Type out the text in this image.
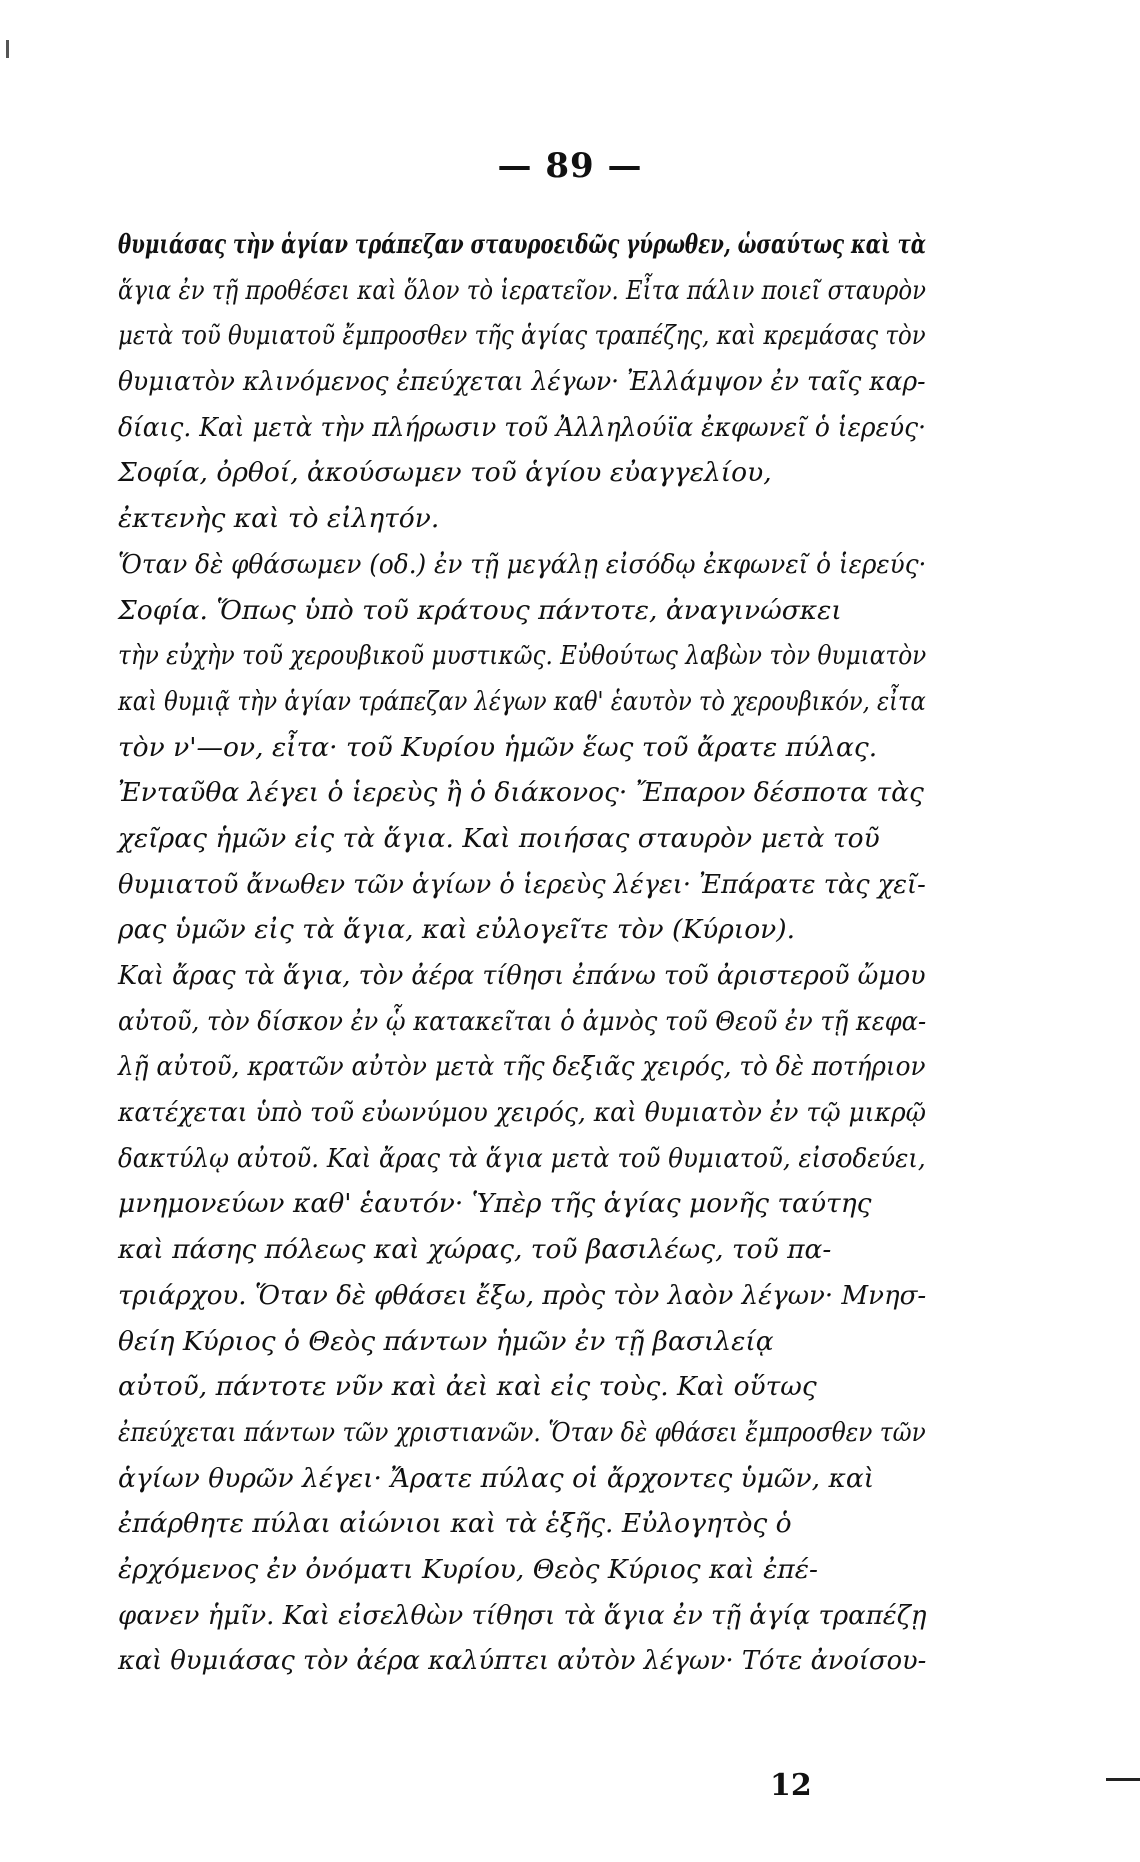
— 89 —
θυμιάσας τὴν ἁγίαν τράπεζαν σταυροειδῶς γύρωθεν, ὡσαύτως καὶ τὰ
ἅγια ἐν τῇ προθέσει καὶ ὅλον τὸ ἱερατεῖον. Εἶτα πάλιν ποιεῖ σταυρὸν
μετὰ τοῦ θυμιατοῦ ἔμπροσθεν τῆς ἁγίας τραπέζης, καὶ κρεμάσας τὸν
θυμιατὸν κλινόμενος ἐπεύχεται λέγων· Ἐλλάμψον ἐν ταῖς καρ-
δίαις. Καὶ μετὰ τὴν πλήρωσιν τοῦ Ἀλληλούϊα ἐκφωνεῖ ὁ ἱερεύς·
Σοφία, ὀρθοί, ἀκούσωμεν τοῦ ἁγίου εὐαγγελίου,
ἐκτενὴς καὶ τὸ εἰλητόν.
Ὅταν δὲ φθάσωμεν (οδ.) ἐν τῇ μεγάλῃ εἰσόδῳ ἐκφωνεῖ ὁ ἱερεύς·
Σοφία. Ὅπως ὑπὸ τοῦ κράτους πάντοτε, ἀναγινώσκει
τὴν εὐχὴν τοῦ χερουβικοῦ μυστικῶς. Εὐθούτως λαβὼν τὸν θυμιατὸν
καὶ θυμιᾷ τὴν ἁγίαν τράπεζαν λέγων καθ' ἑαυτὸν τὸ χερουβικόν, εἶτα
τὸν ν'—ον, εἶτα· τοῦ Κυρίου ἡμῶν ἕως τοῦ ἄρατε πύλας.
Ἐνταῦθα λέγει ὁ ἱερεὺς ἢ ὁ διάκονος· Ἔπαρον δέσποτα τὰς
χεῖρας ἡμῶν εἰς τὰ ἅγια. Καὶ ποιήσας σταυρὸν μετὰ τοῦ
θυμιατοῦ ἄνωθεν τῶν ἁγίων ὁ ἱερεὺς λέγει· Ἐπάρατε τὰς χεῖ-
ρας ὑμῶν εἰς τὰ ἅγια, καὶ εὐλογεῖτε τὸν (Κύριον).
Καὶ ἄρας τὰ ἅγια, τὸν ἀέρα τίθησι ἐπάνω τοῦ ἀριστεροῦ ὤμου
αὐτοῦ, τὸν δίσκον ἐν ᾧ κατακεῖται ὁ ἀμνὸς τοῦ Θεοῦ ἐν τῇ κεφα-
λῇ αὐτοῦ, κρατῶν αὐτὸν μετὰ τῆς δεξιᾶς χειρός, τὸ δὲ ποτήριον
κατέχεται ὑπὸ τοῦ εὐωνύμου χειρός, καὶ θυμιατὸν ἐν τῷ μικρῷ
δακτύλῳ αὐτοῦ. Καὶ ἄρας τὰ ἅγια μετὰ τοῦ θυμιατοῦ, εἰσοδεύει,
μνημονεύων καθ' ἑαυτόν· Ὑπὲρ τῆς ἁγίας μονῆς ταύτης
καὶ πάσης πόλεως καὶ χώρας, τοῦ βασιλέως, τοῦ πα-
τριάρχου. Ὅταν δὲ φθάσει ἔξω, πρὸς τὸν λαὸν λέγων· Μνησ-
θείη Κύριος ὁ Θεὸς πάντων ἡμῶν ἐν τῇ βασιλείᾳ
αὐτοῦ, πάντοτε νῦν καὶ ἀεὶ καὶ εἰς τοὺς. Καὶ οὕτως
ἐπεύχεται πάντων τῶν χριστιανῶν. Ὅταν δὲ φθάσει ἔμπροσθεν τῶν
ἁγίων θυρῶν λέγει· Ἄρατε πύλας οἱ ἄρχοντες ὑμῶν, καὶ
ἐπάρθητε πύλαι αἰώνιοι καὶ τὰ ἑξῆς. Εὐλογητὸς ὁ
ἐρχόμενος ἐν ὀνόματι Κυρίου, Θεὸς Κύριος καὶ ἐπέ-
φανεν ἡμῖν. Καὶ εἰσελθὼν τίθησι τὰ ἅγια ἐν τῇ ἁγίᾳ τραπέζῃ
καὶ θυμιάσας τὸν ἀέρα καλύπτει αὐτὸν λέγων· Τότε ἀνοίσου-
12
